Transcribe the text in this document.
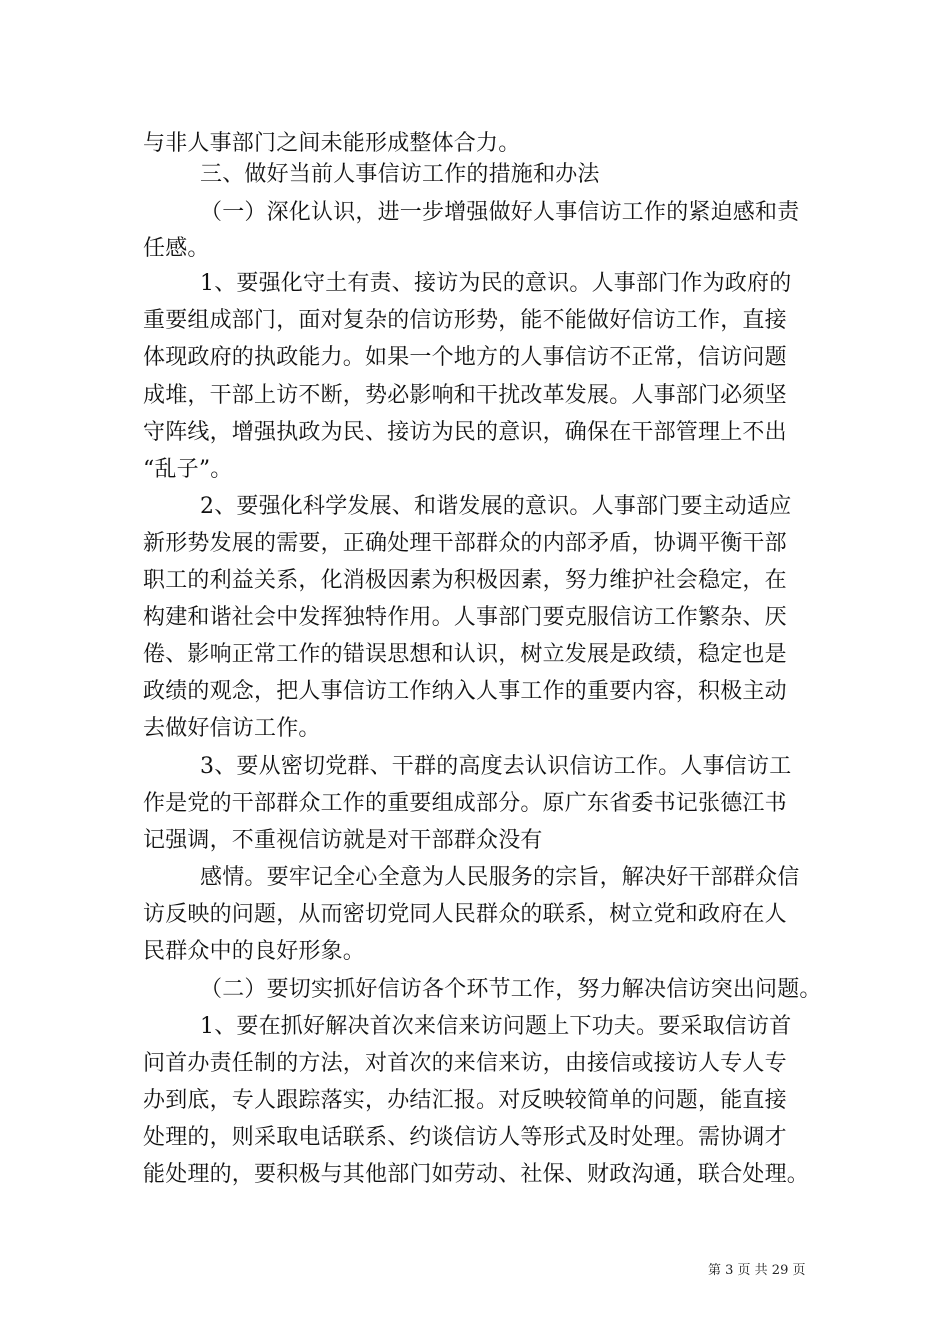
与非人事部门之间未能形成整体合力。
三、做好当前人事信访工作的措施和办法
（一）深化认识，进一步增强做好人事信访工作的紧迫感和责
任感。
1、要强化守土有责、接访为民的意识。人事部门作为政府的
重要组成部门，面对复杂的信访形势，能不能做好信访工作，直接
体现政府的执政能力。如果一个地方的人事信访不正常，信访问题
成堆，干部上访不断，势必影响和干扰改革发展。人事部门必须坚
守阵线，增强执政为民、接访为民的意识，确保在干部管理上不出
“乱子”。
2、要强化科学发展、和谐发展的意识。人事部门要主动适应
新形势发展的需要，正确处理干部群众的内部矛盾，协调平衡干部
职工的利益关系，化消极因素为积极因素，努力维护社会稳定，在
构建和谐社会中发挥独特作用。人事部门要克服信访工作繁杂、厌
倦、影响正常工作的错误思想和认识，树立发展是政绩，稳定也是
政绩的观念，把人事信访工作纳入人事工作的重要内容，积极主动
去做好信访工作。
3、要从密切党群、干群的高度去认识信访工作。人事信访工
作是党的干部群众工作的重要组成部分。原广东省委书记张德江书
记强调，不重视信访就是对干部群众没有
感情。要牢记全心全意为人民服务的宗旨，解决好干部群众信
访反映的问题，从而密切党同人民群众的联系，树立党和政府在人
民群众中的良好形象。
（二）要切实抓好信访各个环节工作，努力解决信访突出问题。
1、要在抓好解决首次来信来访问题上下功夫。要采取信访首
问首办责任制的方法，对首次的来信来访，由接信或接访人专人专
办到底，专人跟踪落实，办结汇报。对反映较简单的问题，能直接
处理的，则采取电话联系、约谈信访人等形式及时处理。需协调才
能处理的，要积极与其他部门如劳动、社保、财政沟通，联合处理。
第 3 页 共 29 页
